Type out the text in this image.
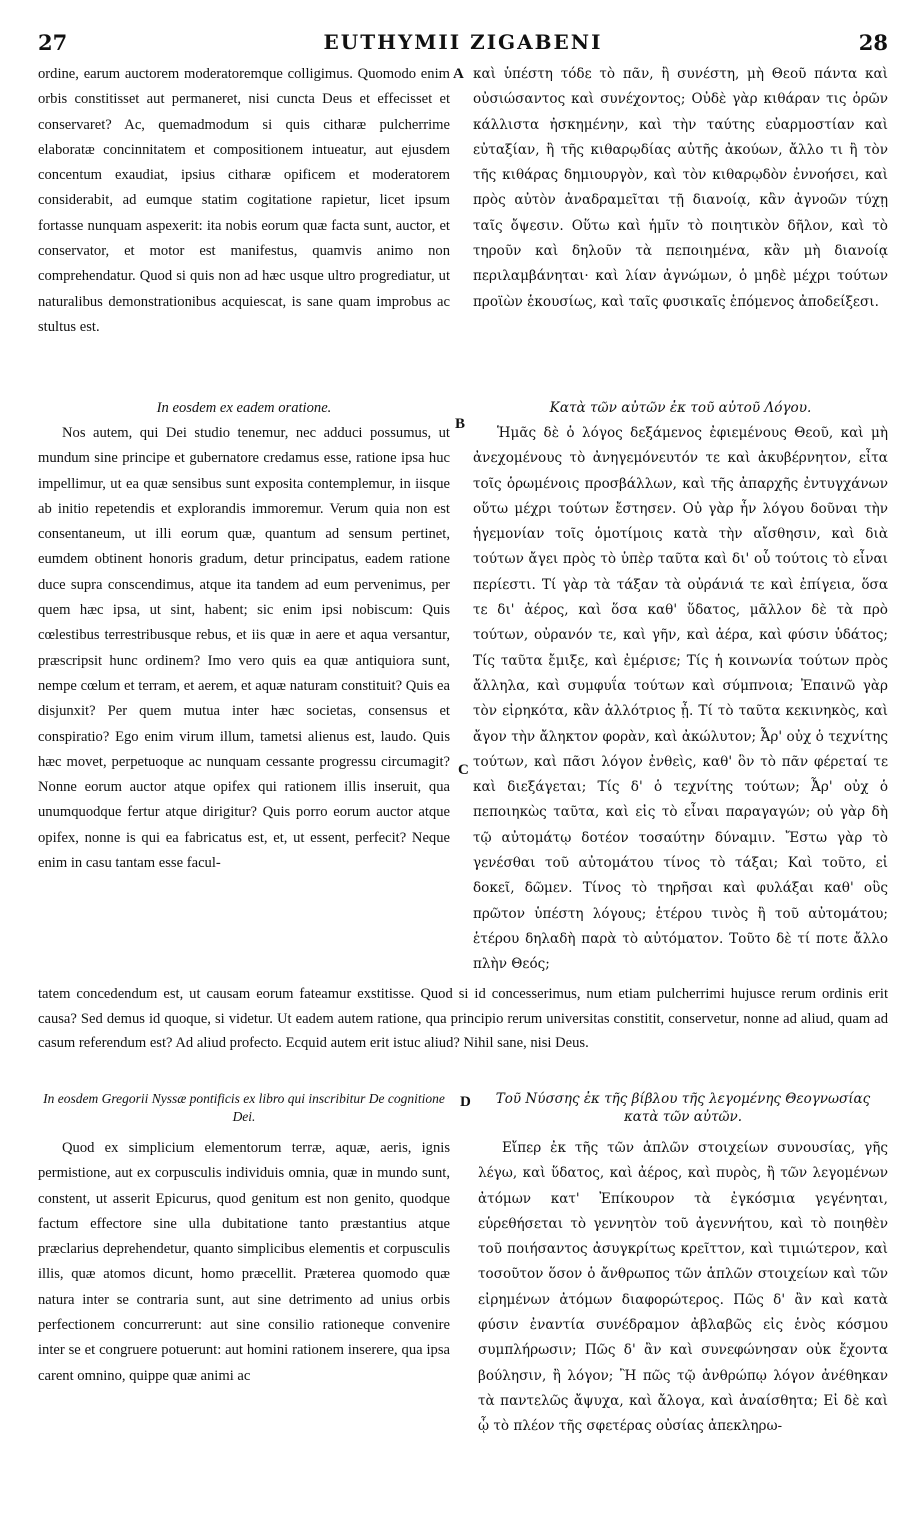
27	EUTHYMII ZIGABENI	28

ordine, earum auctorem moderatoremque colligimus. Quomodo enim orbis constitisset aut permaneret, nisi cuncta Deus et effecisset et conservaret? Ac, quemadmodum si quis citharæ pulcherrime elaboratæ concinnitatem et compositionem intueatur, aut ejusdem concentum exaudiat, ipsius citharæ opificem et moderatorem considerabit, ad eumque statim cogitatione rapietur, licet ipsum fortasse nunquam aspexerit: ita nobis eorum quæ facta sunt, auctor, et conservator, et motor est manifestus, quamvis animo non comprehendatur. Quod si quis non ad hæc usque ultro progrediatur, ut naturalibus demonstrationibus acquiescat, is sane quam improbus ac stultus est.

A καὶ ὑπέστη τόδε τὸ πᾶν, ἢ συνέστη, μὴ Θεοῦ πάντα καὶ οὐσιώσαντος καὶ συνέχοντος; Οὐδὲ γὰρ κιθάραν τις ὁρῶν κάλλιστα ἠσκημένην, καὶ τὴν ταύτης εὐαρμοστίαν καὶ εὐταξίαν, ἢ τῆς κιθαρῳδίας αὐτῆς ἀκούων, ἄλλο τι ἢ τὸν τῆς κιθάρας δημιουργὸν, καὶ τὸν κιθαρῳδὸν ἐννοήσει, καὶ πρὸς αὐτὸν ἀναδραμεῖται τῇ διανοίᾳ, κἂν ἀγνοῶν τύχῃ ταῖς ὄψεσιν. Οὕτω καὶ ἡμῖν τὸ ποιητικὸν δῆλον, καὶ τὸ τηροῦν καὶ δηλοῦν τὰ πεποιημένα, κἂν μὴ διανοίᾳ περιλαμβάνηται· καὶ λίαν ἀγνώμων, ὁ μηδὲ μέχρι τούτων προϊὼν ἑκουσίως, καὶ ταῖς φυσικαῖς ἑπόμενος ἀποδείξεσι.

In eosdem ex eadem oratione.

Nos autem, qui Dei studio tenemur, nec adduci possumus, ut mundum sine principe et gubernatore credamus esse, ratione ipsa huc impellimur, ut ea quæ sensibus sunt exposita contemplemur, in iisque ab initio repetendis et explorandis immoremur. Verum quia non est consentaneum, ut illi eorum quæ, quantum ad sensum pertinet, eumdem obtinent honoris gradum, detur principatus, eadem ratione duce supra conscendimus, atque ita tandem ad eum pervenimus, per quem hæc ipsa, ut sint, habent; sic enim ipsi nobiscum: Quis cœlestibus terrestribusque rebus, et iis quæ in aere et aqua versantur, præscripsit hunc ordinem? Imo vero quis ea quæ antiquiora sunt, nempe cœlum et terram, et aerem, et aquæ naturam constituit? Quis ea disjunxit? Per quem mutua inter hæc societas, consensus et conspiratio? Ego enim virum illum, tametsi alienus est, laudo. Quis hæc movet, perpetuoque ac nunquam cessante progressu circumagit? Nonne eorum auctor atque opifex qui rationem illis inseruit, qua unumquodque fertur atque dirigitur? Quis porro eorum auctor atque opifex, nonne is qui ea fabricatus est, et, ut essent, perfecit? Neque enim in casu tantam esse facul-

B
C
Κατὰ τῶν αὐτῶν ἐκ τοῦ αὐτοῦ Λόγου.

Ἡμᾶς δὲ ὁ λόγος δεξάμενος ἐφιεμένους Θεοῦ, καὶ μὴ ἀνεχομένους τὸ ἀνηγεμόνευτόν τε καὶ ἀκυβέρνητον, εἶτα τοῖς ὁρωμένοις προσβάλλων, καὶ τῆς ἀπαρχῆς ἐντυγχάνων οὕτω μέχρι τούτων ἔστησεν. Οὐ γὰρ ἦν λόγου δοῦναι τὴν ἡγεμονίαν τοῖς ὁμοτίμοις κατὰ τὴν αἴσθησιν, καὶ διὰ τούτων ἄγει πρὸς τὸ ὑπὲρ ταῦτα καὶ δι' οὗ τούτοις τὸ εἶναι περίεστι. Τί γὰρ τὰ τάξαν τὰ οὐράνιά τε καὶ ἐπίγεια, ὅσα τε δι' ἀέρος, καὶ ὅσα καθ' ὕδατος, μᾶλλον δὲ τὰ πρὸ τούτων, οὐρανόν τε, καὶ γῆν, καὶ ἀέρα, καὶ φύσιν ὑδάτος; Τίς ταῦτα ἔμιξε, καὶ ἐμέρισε; Τίς ἡ κοινωνία τούτων πρὸς ἄλληλα, καὶ συμφυΐα τούτων καὶ σύμπνοια; Ἐπαινῶ γὰρ τὸν εἰρηκότα, κἂν ἀλλότριος ᾖ. Τί τὸ ταῦτα κεκινηκὸς, καὶ ἄγον τὴν ἄληκτον φορὰν, καὶ ἀκώλυτον; Ἆρ' οὐχ ὁ τεχνίτης τούτων, καὶ πᾶσι λόγον ἐνθεὶς, καθ' ὃν τὸ πᾶν φέρεταί τε καὶ διεξάγεται; Τίς δ' ὁ τεχνίτης τούτων; Ἆρ' οὐχ ὁ πεποιηκὼς ταῦτα, καὶ εἰς τὸ εἶναι παραγαγών; οὐ γὰρ δὴ τῷ αὐτομάτῳ δοτέον τοσαύτην δύναμιν. Ἔστω γὰρ τὸ γενέσθαι τοῦ αὐτομάτου τίνος τὸ τάξαι; Καὶ τοῦτο, εἰ δοκεῖ, δῶμεν. Τίνος τὸ τηρῆσαι καὶ φυλάξαι καθ' οὓς πρῶτον ὑπέστη λόγους; ἑτέρου τινὸς ἢ τοῦ αὐτομάτου; ἑτέρου δηλαδὴ παρὰ τὸ αὐτόματον. Τοῦτο δὲ τί ποτε ἄλλο πλὴν Θεός;

tatem concedendum est, ut causam eorum fateamur exstitisse. Quod si id concesserimus, num etiam pulcherrimi hujusce rerum ordinis erit causa? Sed demus id quoque, si videtur. Ut eadem autem ratione, qua principio rerum universitas constitit, conservetur, nonne ad aliud, quam ad casum referendum est? Ad aliud profecto. Ecquid autem erit istuc aliud? Nihil sane, nisi Deus.

In eosdem Gregorii Nyssæ pontificis ex libro qui inscribitur De cognitione Dei.

Quod ex simplicium elementorum terræ, aquæ, aeris, ignis permistione, aut ex corpusculis individuis omnia, quæ in mundo sunt, constent, ut asserit Epicurus, quod genitum est non genito, quodque factum effectore sine ulla dubitatione tanto præstantius atque præclarius deprehendetur, quanto simplicibus elementis et corpusculis illis, quæ atomos dicunt, homo præcellit. Præterea quomodo quæ natura inter se contraria sunt, aut sine detrimento ad unius orbis perfectionem concurrerunt: aut sine consilio rationeque convenire inter se et congruere potuerunt: aut homini rationem inserere, qua ipsa carent omnino, quippe quæ animi ac

D	Τοῦ Νύσσης ἐκ τῆς βίβλου τῆς λεγομένης Θεογνωσίας κατὰ τῶν αὐτῶν.

Εἴπερ ἐκ τῆς τῶν ἁπλῶν στοιχείων συνουσίας, γῆς λέγω, καὶ ὕδατος, καὶ ἀέρος, καὶ πυρὸς, ἢ τῶν λεγομένων ἀτόμων κατ' Ἐπίκουρον τὰ ἐγκόσμια γεγένηται, εὑρεθήσεται τὸ γεννητὸν τοῦ ἀγεννήτου, καὶ τὸ ποιηθὲν τοῦ ποιήσαντος ἀσυγκρίτως κρεῖττον, καὶ τιμιώτερον, καὶ τοσοῦτον ὅσον ὁ ἄνθρωπος τῶν ἁπλῶν στοιχείων καὶ τῶν εἰρημένων ἀτόμων διαφορώτερος. Πῶς δ' ἂν καὶ κατὰ φύσιν ἐναντία συνέδραμον ἀβλαβῶς εἰς ἑνὸς κόσμου συμπλήρωσιν; Πῶς δ' ἂν καὶ συνεφώνησαν οὐκ ἔχοντα βούλησιν, ἢ λόγον; Ἢ πῶς τῷ ἀνθρώπῳ λόγον ἀνέθηκαν τὰ παντελῶς ἄψυχα, καὶ ἄλογα, καὶ ἀναίσθητα; Εἰ δὲ καὶ ᾧ τὸ πλέον τῆς σφετέρας οὐσίας ἀπεκληρω-
